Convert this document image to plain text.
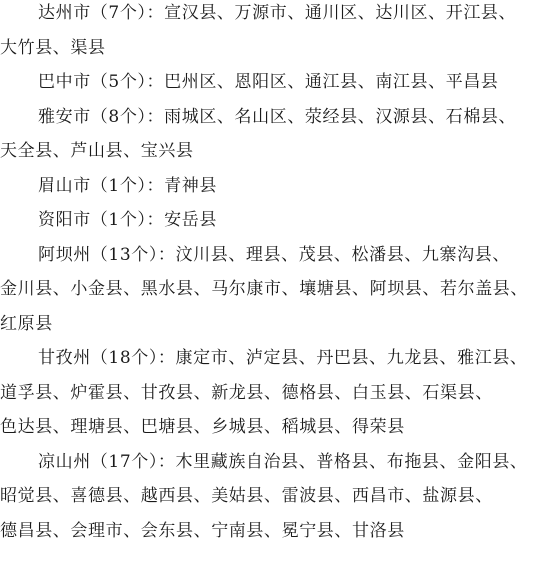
达州市（7个）：宣汉县、万源市、通川区、达川区、开江县、
大竹县、渠县

巴中市（5个）：巴州区、恩阳区、通江县、南江县、平昌县

雅安市（8个）：雨城区、名山区、荥经县、汉源县、石棉县、
天全县、芦山县、宝兴县

眉山市（1个）：青神县

资阳市（1个）：安岳县

阿坝州（13个）：汶川县、理县、茂县、松潘县、九寨沟县、
金川县、小金县、黑水县、马尔康市、壤塘县、阿坝县、若尔盖县、
红原县

甘孜州（18个）：康定市、泸定县、丹巴县、九龙县、雅江县、
道孚县、炉霍县、甘孜县、新龙县、德格县、白玉县、石渠县、
色达县、理塘县、巴塘县、乡城县、稻城县、得荣县

凉山州（17个）：木里藏族自治县、普格县、布拖县、金阳县、
昭觉县、喜德县、越西县、美姑县、雷波县、西昌市、盐源县、
德昌县、会理市、会东县、宁南县、冕宁县、甘洛县
